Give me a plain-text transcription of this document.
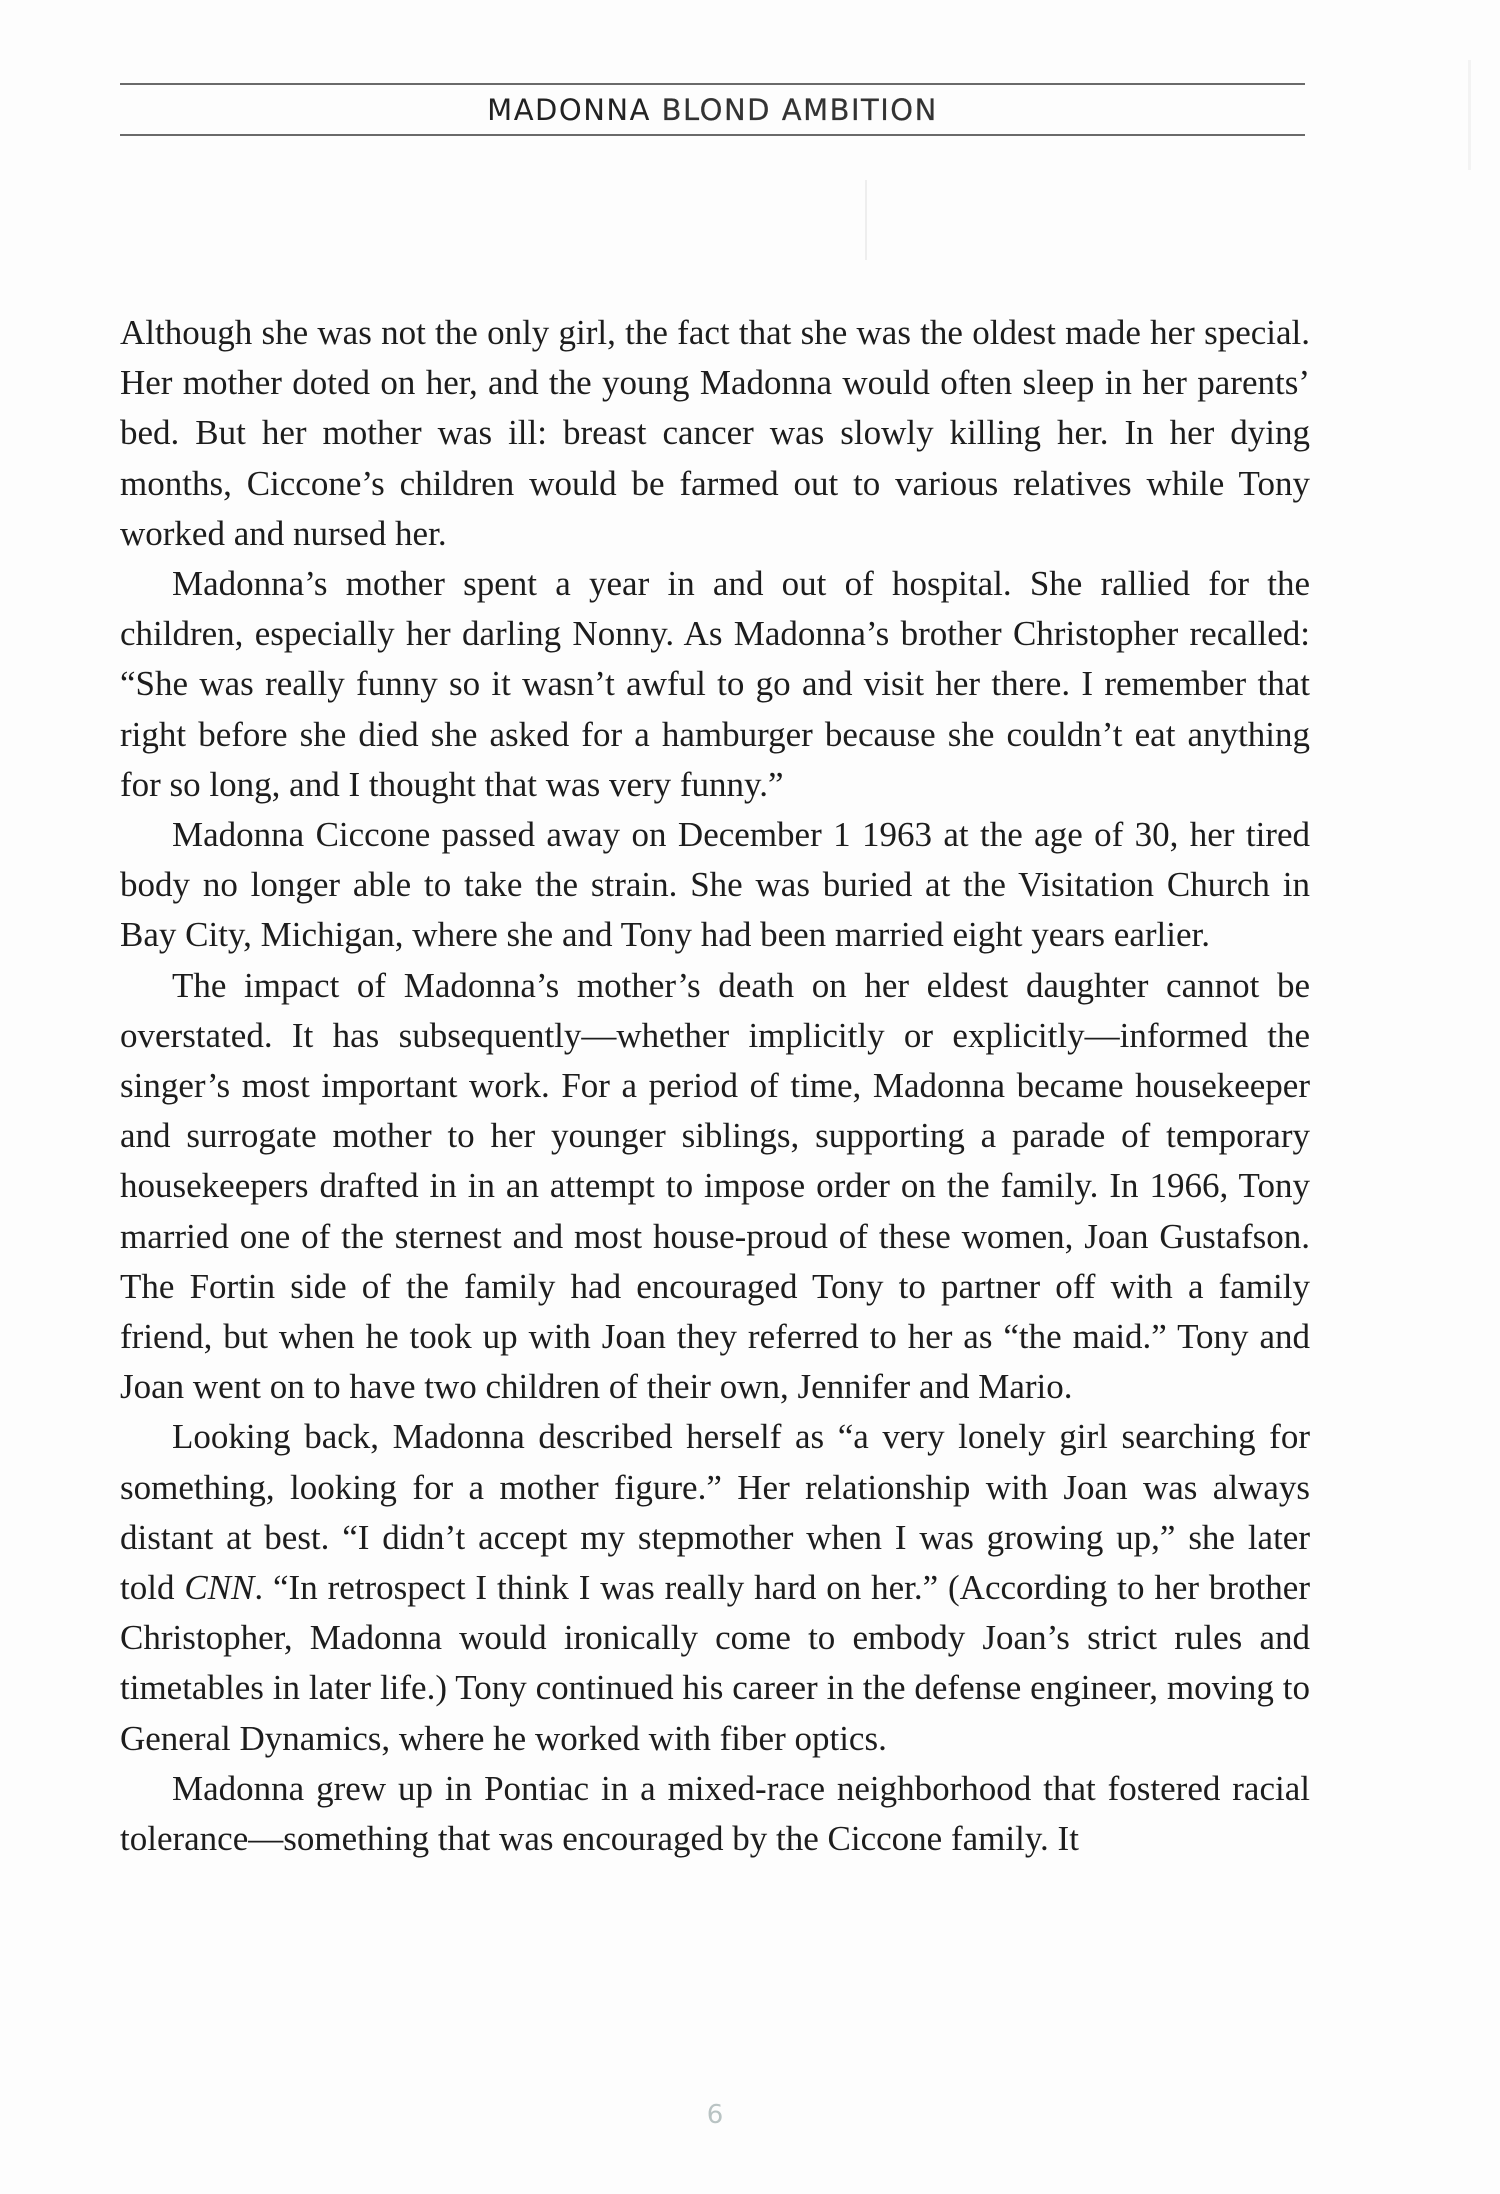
MADONNA BLOND AMBITION

Although she was not the only girl, the fact that she was the oldest made her special. Her mother doted on her, and the young Madonna would often sleep in her parents’ bed. But her mother was ill: breast cancer was slowly killing her. In her dying months, Ciccone’s children would be farmed out to various relatives while Tony worked and nursed her.

Madonna’s mother spent a year in and out of hospital. She rallied for the children, especially her darling Nonny. As Madonna’s brother Christopher recalled: “She was really funny so it wasn’t awful to go and visit her there. I remember that right before she died she asked for a hamburger because she couldn’t eat anything for so long, and I thought that was very funny.”

Madonna Ciccone passed away on December 1 1963 at the age of 30, her tired body no longer able to take the strain. She was buried at the Visitation Church in Bay City, Michigan, where she and Tony had been married eight years earlier.

The impact of Madonna’s mother’s death on her eldest daughter cannot be overstated. It has subsequently—whether implicitly or explicitly—informed the singer’s most important work. For a period of time, Madonna became housekeeper and surrogate mother to her younger siblings, supporting a parade of temporary housekeepers drafted in in an attempt to impose order on the family. In 1966, Tony married one of the sternest and most house-proud of these women, Joan Gustafson. The Fortin side of the family had encouraged Tony to partner off with a family friend, but when he took up with Joan they referred to her as “the maid.” Tony and Joan went on to have two children of their own, Jennifer and Mario.

Looking back, Madonna described herself as “a very lonely girl searching for something, looking for a mother figure.” Her relationship with Joan was always distant at best. “I didn’t accept my stepmother when I was growing up,” she later told CNN. “In retrospect I think I was really hard on her.” (According to her brother Christopher, Madonna would ironically come to embody Joan’s strict rules and timetables in later life.) Tony continued his career in the defense engineer, moving to General Dynamics, where he worked with fiber optics.

Madonna grew up in Pontiac in a mixed-race neighborhood that fostered racial tolerance—something that was encouraged by the Ciccone family. It

6
